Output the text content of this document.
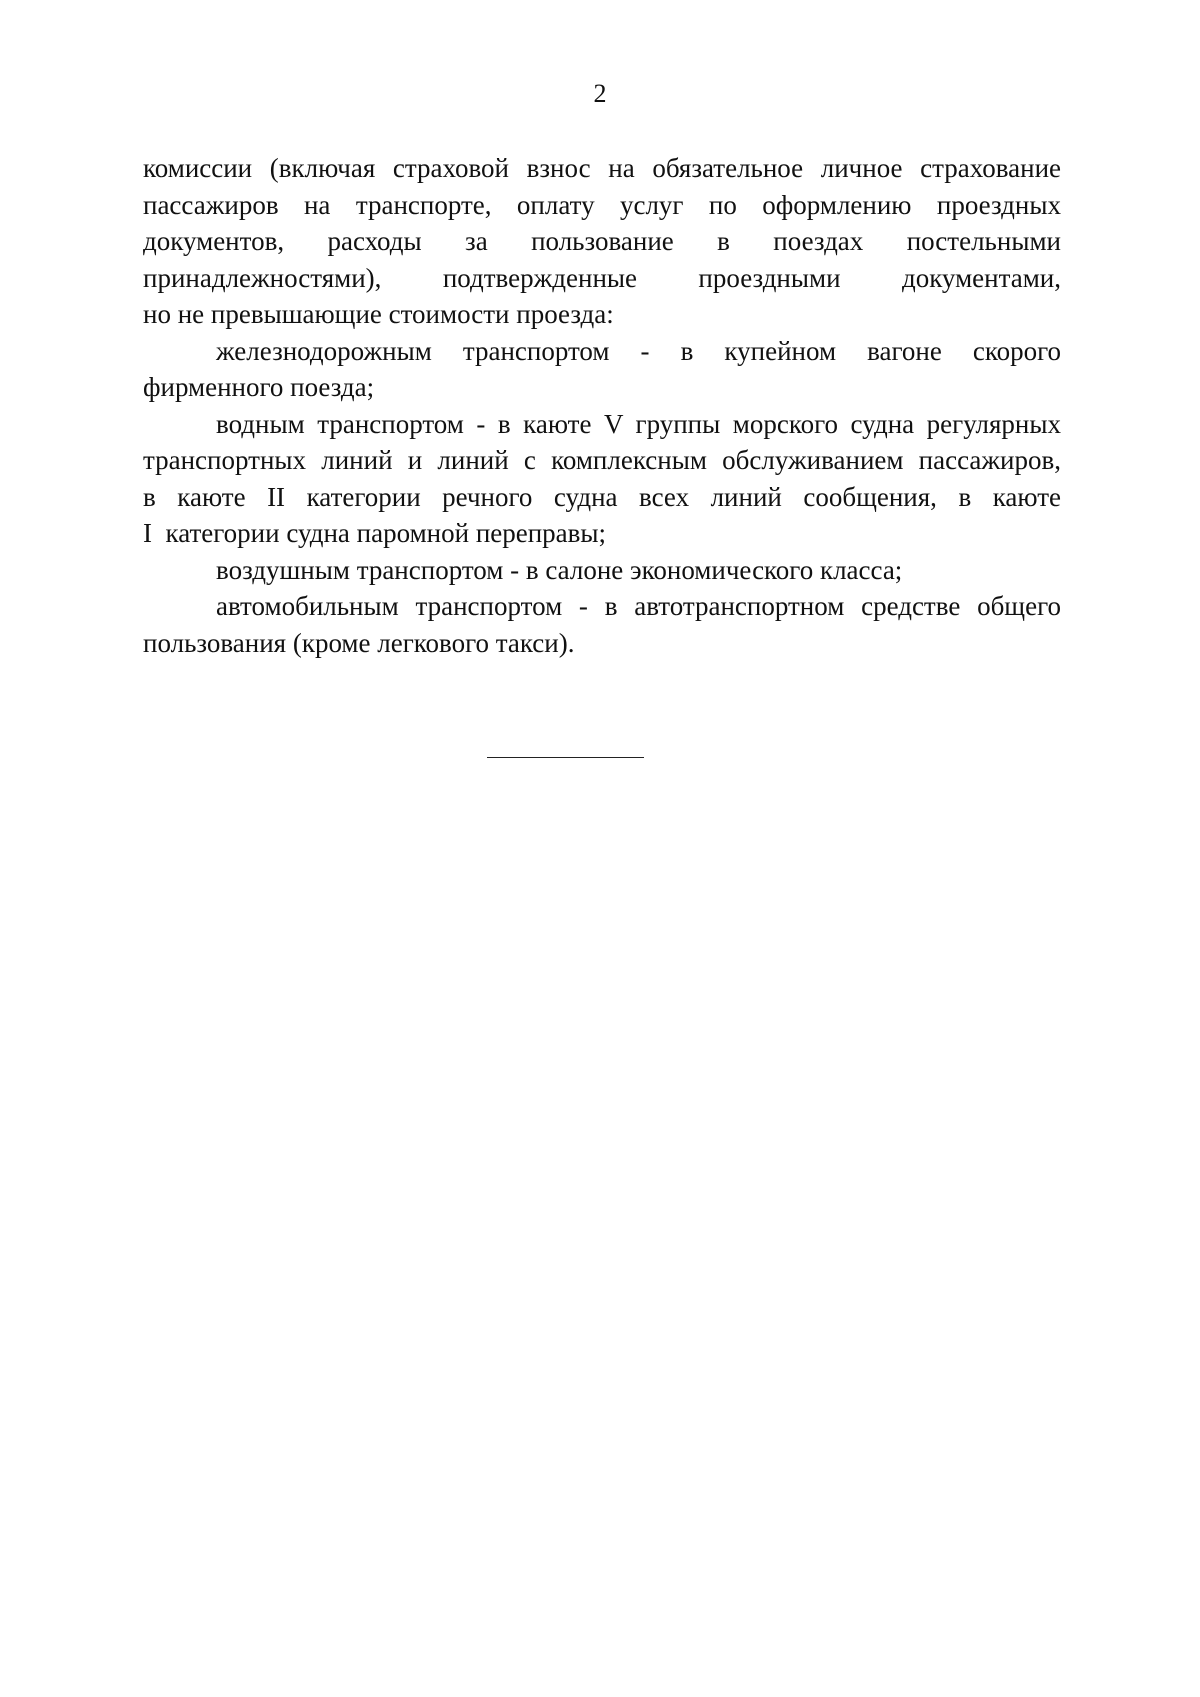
2

комиссии (включая страховой взнос на обязательное личное страхование
пассажиров на транспорте, оплату услуг по оформлению проездных
документов, расходы за пользование в поездах постельными
принадлежностями), подтвержденные проездными документами,
но не превышающие стоимости проезда:

железнодорожным транспортом - в купейном вагоне скорого
фирменного поезда;

водным транспортом - в каюте V группы морского судна регулярных
транспортных линий и линий с комплексным обслуживанием пассажиров,
в каюте II категории речного судна всех линий сообщения, в каюте
I  категории судна паромной переправы;

воздушным транспортом - в салоне экономического класса;

автомобильным транспортом - в автотранспортном средстве общего
пользования (кроме легкового такси).
